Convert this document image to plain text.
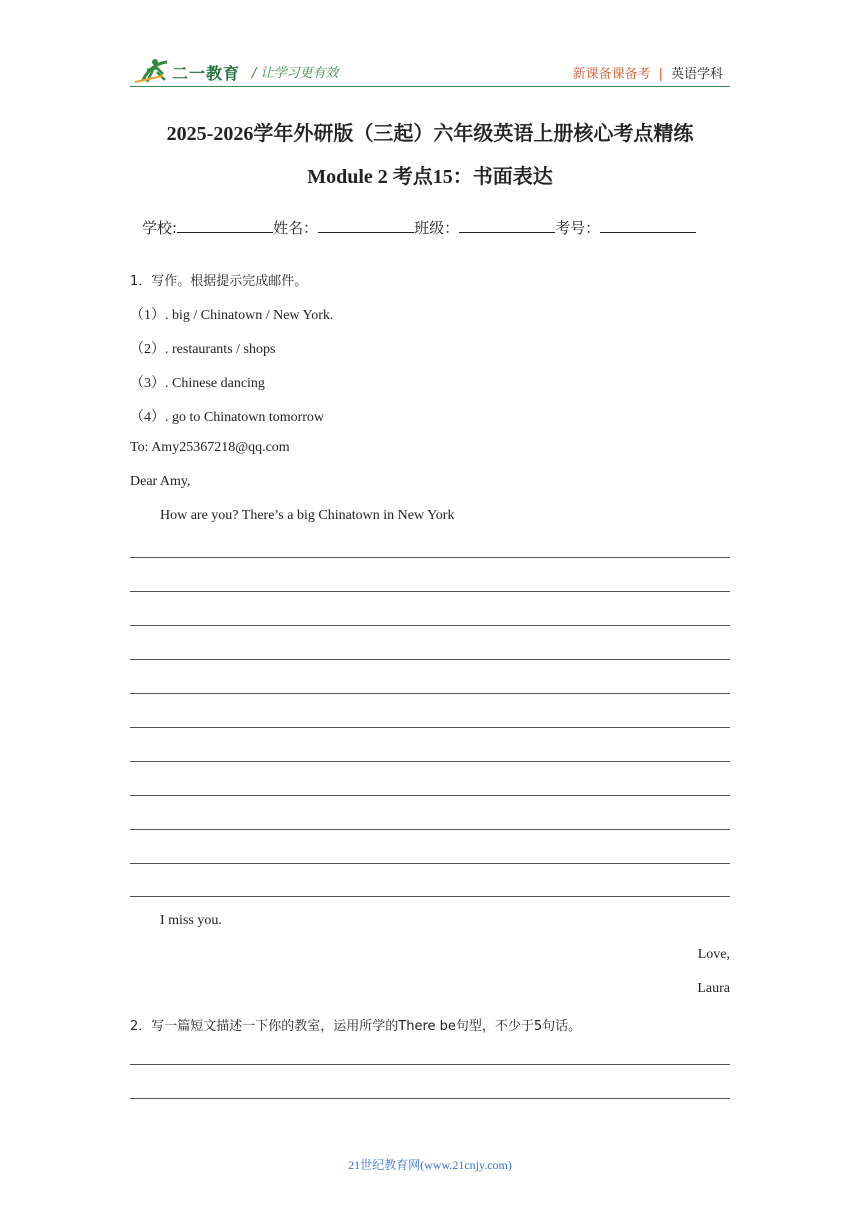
二一教育 / 让学习更有效	新课备课备考 | 英语学科
2025-2026学年外研版（三起）六年级英语上册核心考点精练
Module 2 考点15：书面表达
学校:	姓名：	班级：	考号：
1．写作。根据提示完成邮件。
（1）. big / Chinatown / New York.
（2）. restaurants / shops
（3）. Chinese dancing
（4）. go to Chinatown tomorrow
To: Amy25367218@qq.com
Dear Amy,
How are you? There’s a big Chinatown in New York
I miss you.
Love,
Laura
2．写一篇短文描述一下你的教室，运用所学的There be句型，不少于5句话。
21世纪教育网(www.21cnjy.com)
